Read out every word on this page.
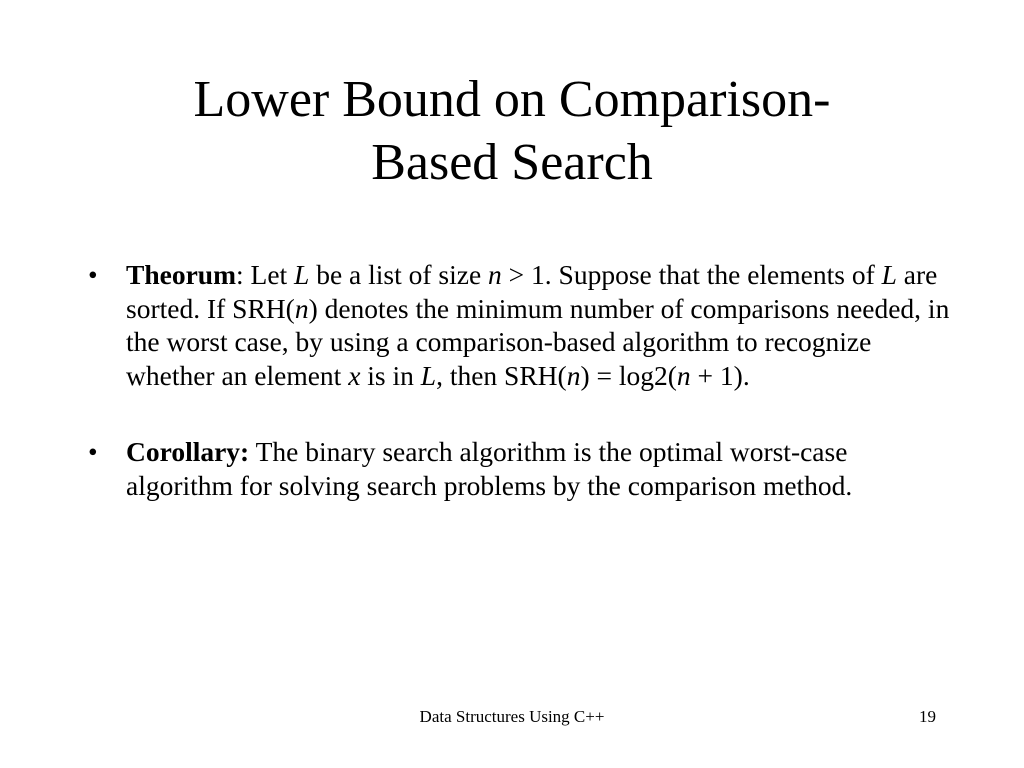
Lower Bound on Comparison-
Based Search
•	Theorum: Let L be a list of size n > 1. Suppose that the elements of L are sorted. If SRH(n) denotes the minimum number of comparisons needed, in the worst case, by using a comparison-based algorithm to recognize whether an element x is in L, then SRH(n) = log2(n + 1).
•	Corollary: The binary search algorithm is the optimal worst-case algorithm for solving search problems by the comparison method.
Data Structures Using C++	19
